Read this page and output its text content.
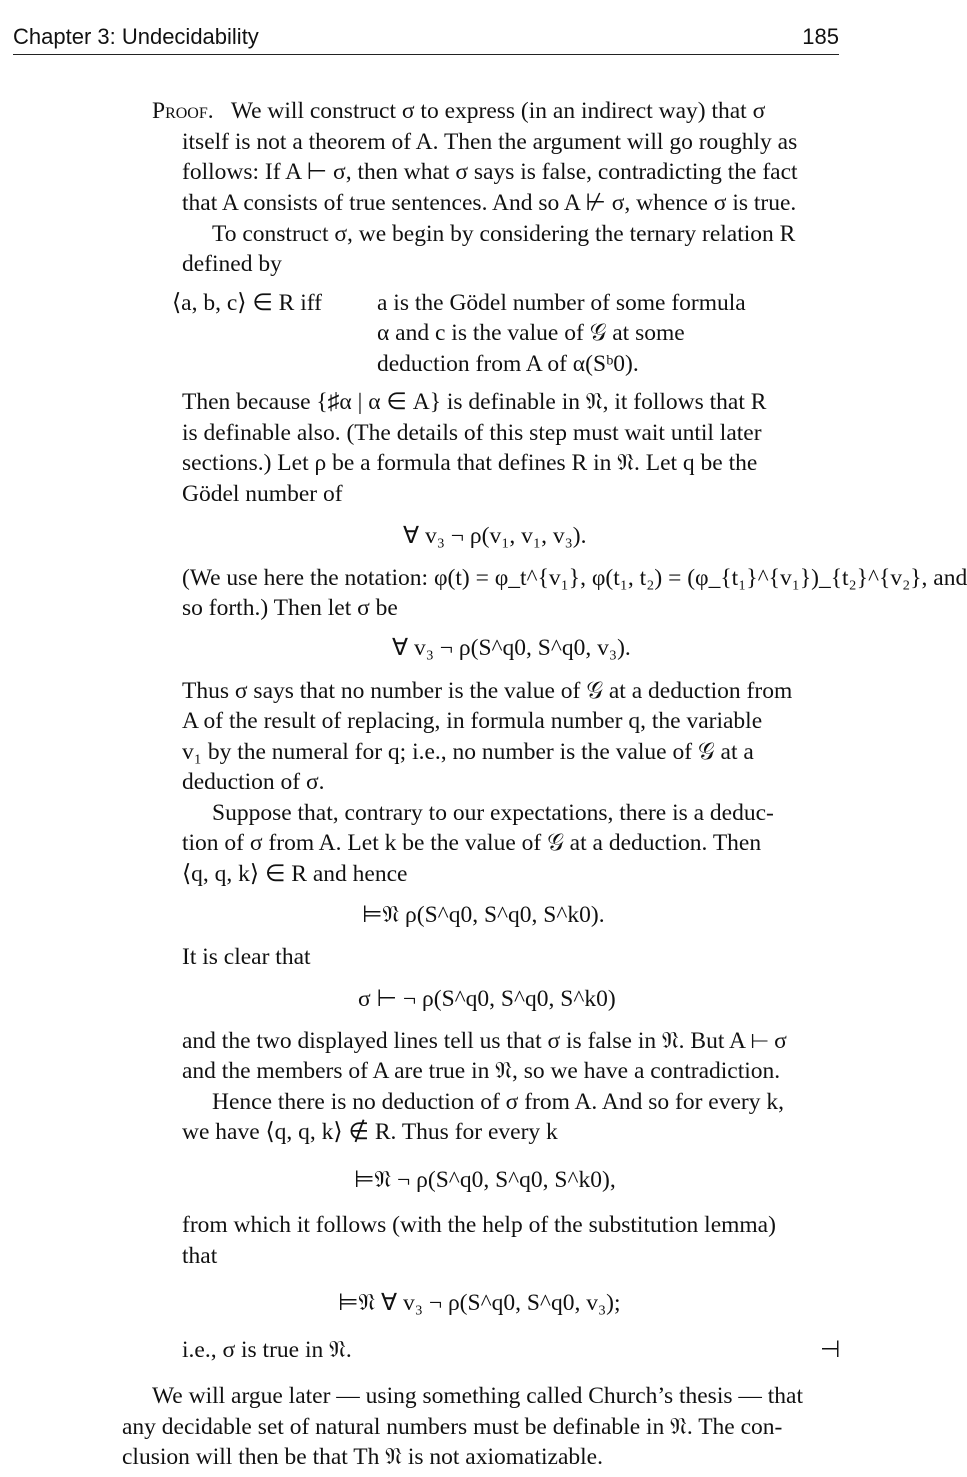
Chapter 3: Undecidability	185
Proof. We will construct σ to express (in an indirect way) that σ
itself is not a theorem of A. Then the argument will go roughly as
follows: If A ⊢ σ, then what σ says is false, contradicting the fact
that A consists of true sentences. And so A ⊬ σ, whence σ is true.
To construct σ, we begin by considering the ternary relation R
defined by
⟨a, b, c⟩ ∈ R iff a is the Gödel number of some formula
α and c is the value of 𝒢 at some
deduction from A of α(Sᵇ0).
Then because {♯α | α ∈ A} is definable in 𝔑, it follows that R
is definable also. (The details of this step must wait until later
sections.) Let ρ be a formula that defines R in 𝔑. Let q be the
Gödel number of
∀ v₃ ¬ ρ(v₁, v₁, v₃).
(We use here the notation: φ(t) = φ_t^{v₁}, φ(t₁, t₂) = (φ_{t₁}^{v₁})_{t₂}^{v₂}, and
so forth.) Then let σ be
∀ v₃ ¬ ρ(S^q0, S^q0, v₃).
Thus σ says that no number is the value of 𝒢 at a deduction from
A of the result of replacing, in formula number q, the variable
v₁ by the numeral for q; i.e., no number is the value of 𝒢 at a
deduction of σ.
Suppose that, contrary to our expectations, there is a deduc-
tion of σ from A. Let k be the value of 𝒢 at a deduction. Then
⟨q, q, k⟩ ∈ R and hence
⊨𝔑 ρ(S^q0, S^q0, S^k0).
It is clear that
σ ⊢ ¬ ρ(S^q0, S^q0, S^k0)
and the two displayed lines tell us that σ is false in 𝔑. But A ⊢ σ
and the members of A are true in 𝔑, so we have a contradiction.
Hence there is no deduction of σ from A. And so for every k,
we have ⟨q, q, k⟩ ∉ R. Thus for every k
⊨𝔑 ¬ ρ(S^q0, S^q0, S^k0),
from which it follows (with the help of the substitution lemma)
that
⊨𝔑 ∀ v₃ ¬ ρ(S^q0, S^q0, v₃);
i.e., σ is true in 𝔑.	⊣
We will argue later — using something called Church’s thesis — that
any decidable set of natural numbers must be definable in 𝔑. The con-
clusion will then be that Th 𝔑 is not axiomatizable.
